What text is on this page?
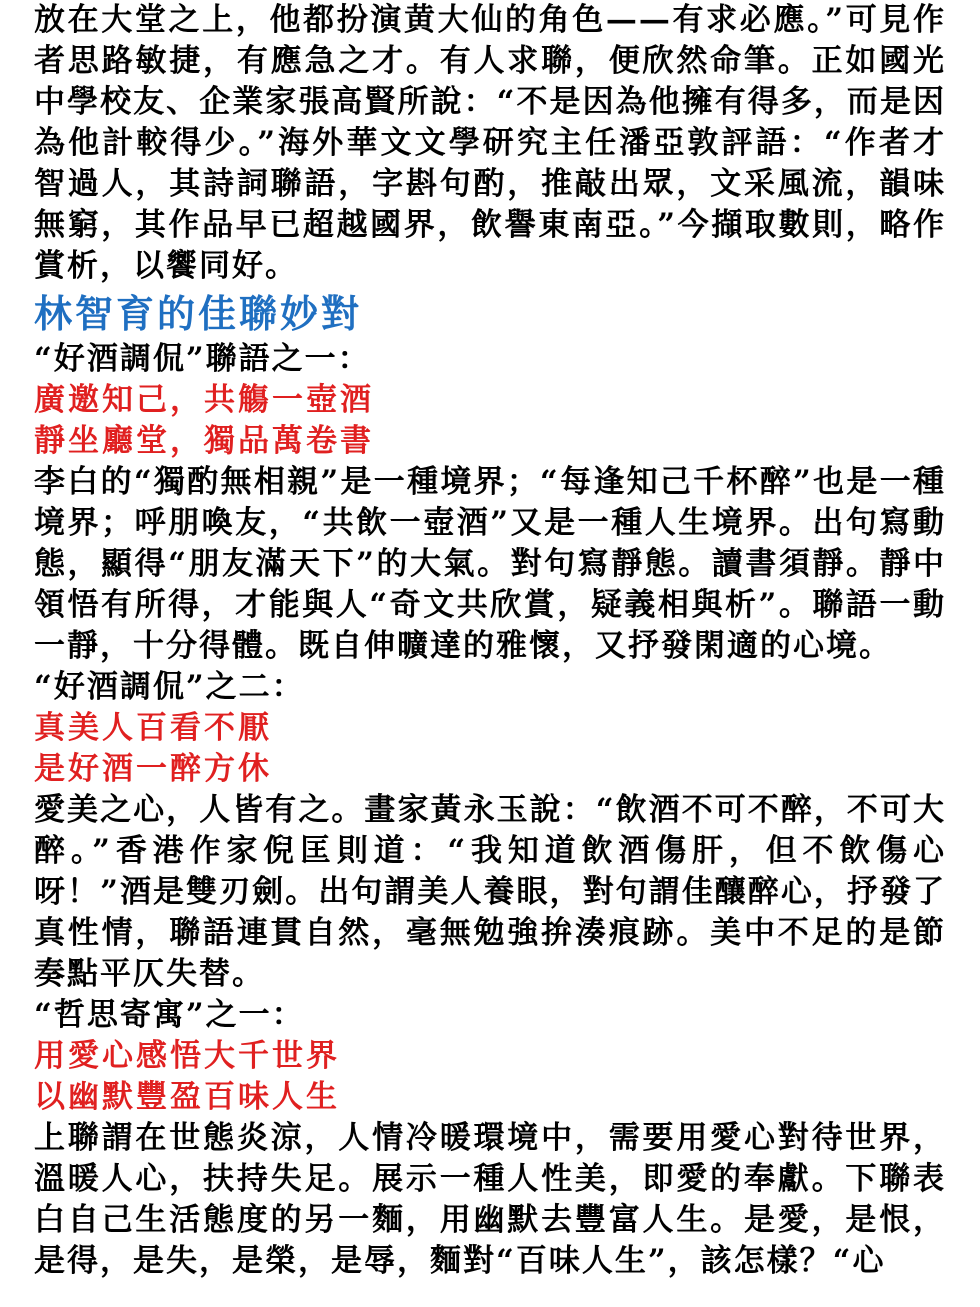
放在大堂之上，他都扮演黄大仙的角色——有求必應。”可見作者思路敏捷，有應急之才。有人求聯，便欣然命筆。正如國光中學校友、企業家張高賢所說：“不是因為他擁有得多，而是因為他計較得少。”海外華文文學研究主任潘亞敦評語：“作者才智過人，其詩詞聯語，字斟句酌，推敲出眾，文采風流，韻味無窮，其作品早已超越國界，飲譽東南亞。”今擷取數則，略作賞析，以饗同好。

林智育的佳聯妙對

“好酒調侃”聯語之一：

廣邀知己，共觴一壺酒

靜坐廳堂，獨品萬卷書

李白的“獨酌無相親”是一種境界；“每逢知己千杯醉”也是一種境界；呼朋喚友，“共飲一壺酒”又是一種人生境界。出句寫動態，顯得“朋友滿天下”的大氣。對句寫靜態。讀書須靜。靜中領悟有所得，才能與人“奇文共欣賞，疑義相與析”。聯語一動一靜，十分得體。既自伸曠達的雅懷，又抒發閑適的心境。

“好酒調侃”之二：

真美人百看不厭

是好酒一醉方休

愛美之心，人皆有之。畫家黃永玉說：“飲酒不可不醉，不可大醉。”香港作家倪匡則道：“我知道飲酒傷肝，但不飲傷心呀！”酒是雙刃劍。出句謂美人養眼，對句謂佳釀醉心，抒發了真性情，聯語連貫自然，毫無勉強拚湊痕跡。美中不足的是節奏點平仄失替。

“哲思寄寓”之一：

用愛心感悟大千世界

以幽默豐盈百味人生

上聯謂在世態炎涼，人情冷暖環境中，需要用愛心對待世界，溫暖人心，扶持失足。展示一種人性美，即愛的奉獻。下聯表白自己生活態度的另一麵，用幽默去豐富人生。是愛，是恨，是得，是失，是榮，是辱，麵對“百味人生”，該怎樣？“心
